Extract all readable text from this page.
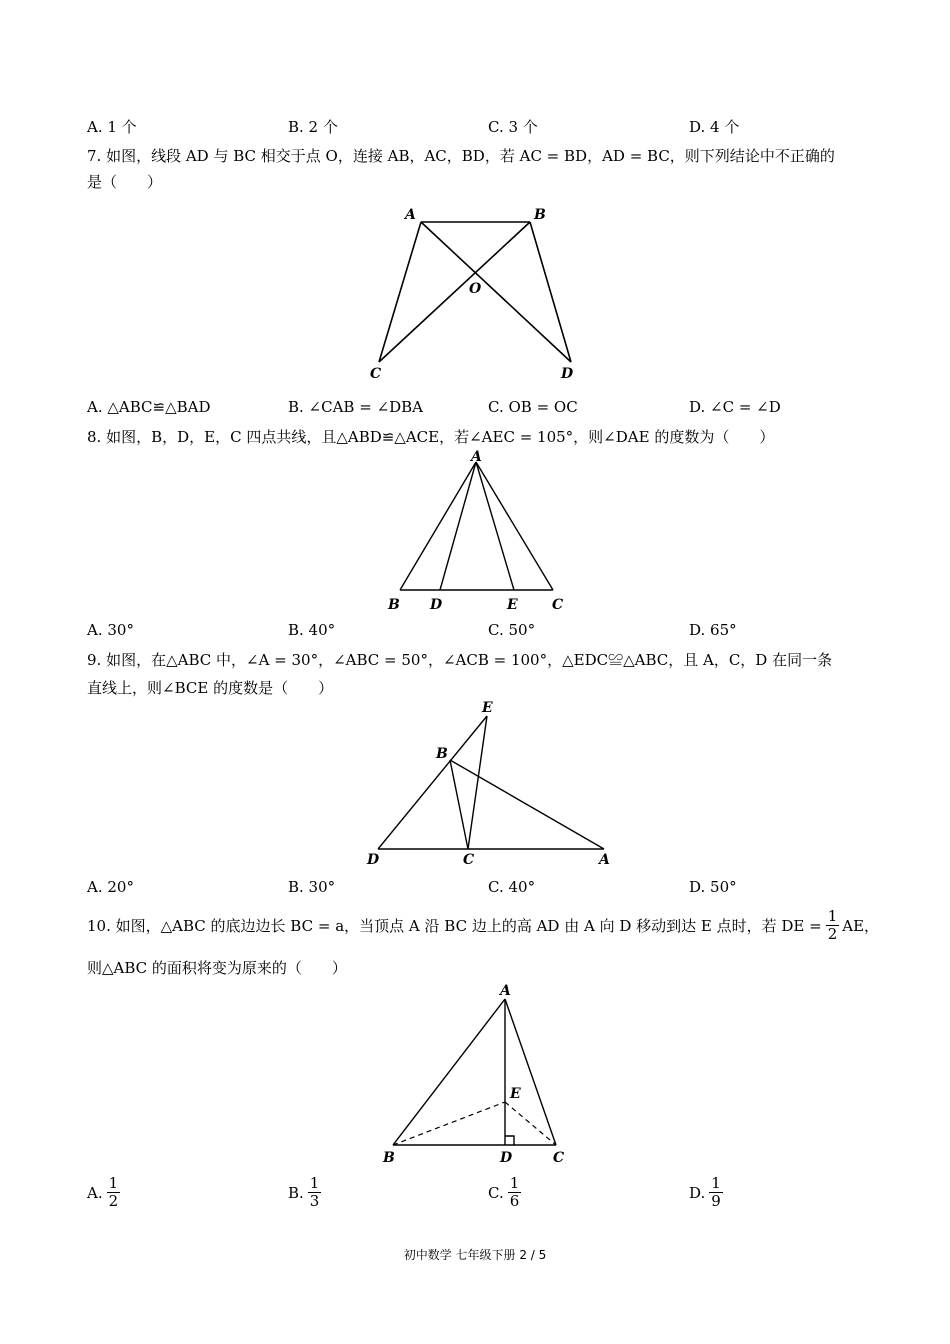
A. 1 个	B. 2 个	C. 3 个	D. 4 个
7. 如图，线段 AD 与 BC 相交于点 O，连接 AB，AC，BD，若 AC = BD，AD = BC，则下列结论中不正确的
是（　　）
A	B
O
C	D
A. △ABC≌△BAD	B. ∠CAB = ∠DBA	C. OB = OC	D. ∠C = ∠D
8. 如图，B，D，E，C 四点共线，且△ABD≌△ACE，若∠AEC = 105°，则∠DAE 的度数为（　　）
A
B D	E C
A. 30°	B. 40°	C. 50°	D. 65°
9. 如图，在△ABC 中，∠A = 30°，∠ABC = 50°，∠ACB = 100°，△EDC≌△ABC，且 A，C，D 在同一条
直线上，则∠BCE 的度数是（　　）
E
B
D	C	A
A. 20°	B. 30°	C. 40°	D. 50°
10. 如图，△ABC 的底边边长 BC = a，当顶点 A 沿 BC 边上的高 AD 由 A 向 D 移动到达 E 点时，若 DE = $\frac{1}{2}$ AE，
则△ABC 的面积将变为原来的（　　）
A
E
B	D	C
A. $\frac{1}{2}$	B. $\frac{1}{3}$	C. $\frac{1}{6}$	D. $\frac{1}{9}$
初中数学 七年级下册 2 / 5
